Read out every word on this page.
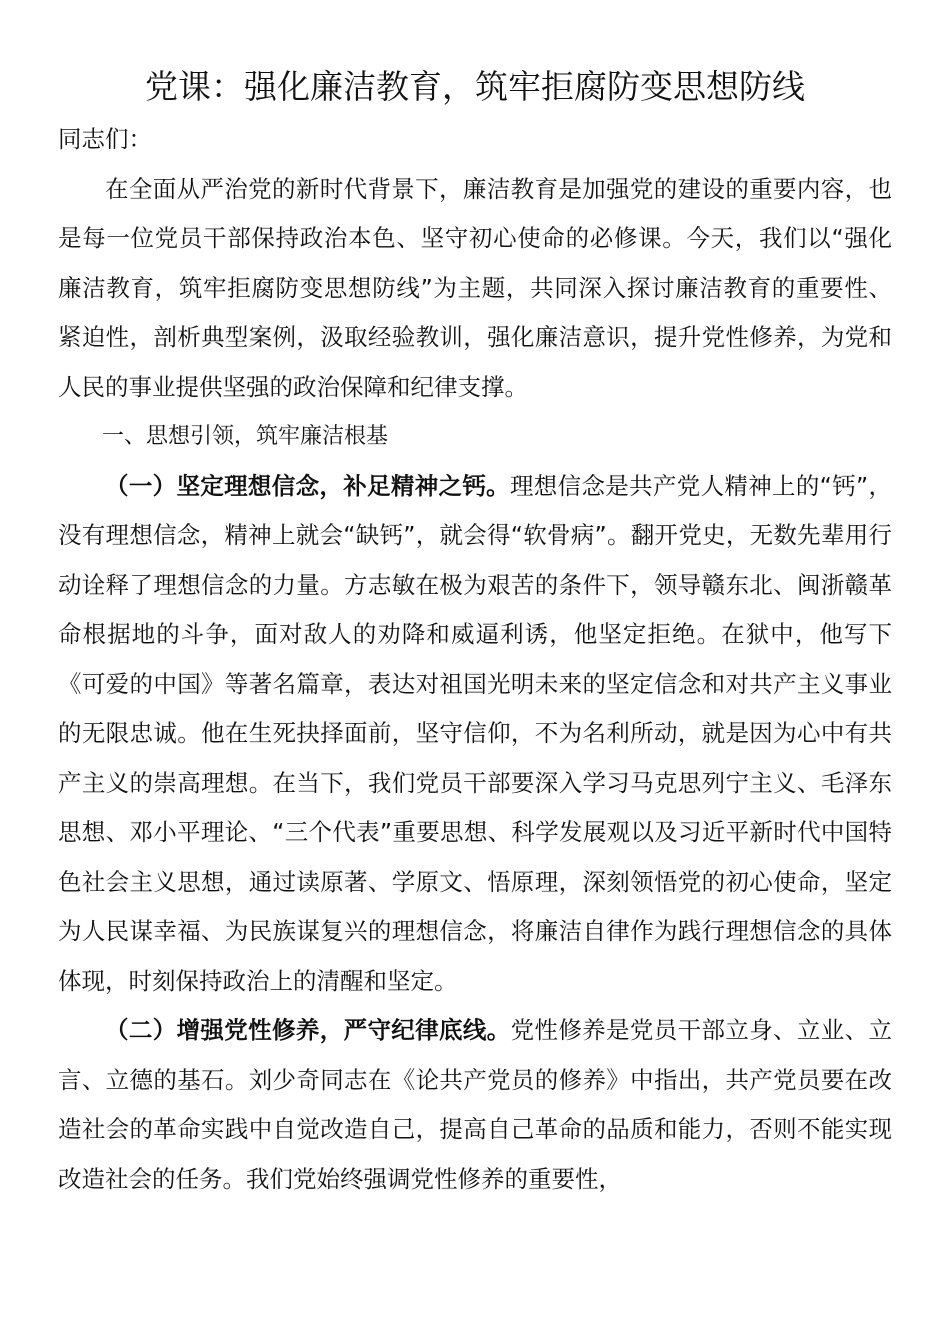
党课：强化廉洁教育，筑牢拒腐防变思想防线

同志们：

在全面从严治党的新时代背景下，廉洁教育是加强党的建设的重要内容，也是每一位党员干部保持政治本色、坚守初心使命的必修课。今天，我们以“强化廉洁教育，筑牢拒腐防变思想防线”为主题，共同深入探讨廉洁教育的重要性、紧迫性，剖析典型案例，汲取经验教训，强化廉洁意识，提升党性修养，为党和人民的事业提供坚强的政治保障和纪律支撑。

一、思想引领，筑牢廉洁根基

（一）坚定理想信念，补足精神之钙。理想信念是共产党人精神上的“钙”，没有理想信念，精神上就会“缺钙”，就会得“软骨病”。翻开党史，无数先辈用行动诠释了理想信念的力量。方志敏在极为艰苦的条件下，领导赣东北、闽浙赣革命根据地的斗争，面对敌人的劝降和威逼利诱，他坚定拒绝。在狱中，他写下《可爱的中国》等著名篇章，表达对祖国光明未来的坚定信念和对共产主义事业的无限忠诚。他在生死抉择面前，坚守信仰，不为名利所动，就是因为心中有共产主义的崇高理想。在当下，我们党员干部要深入学习马克思列宁主义、毛泽东思想、邓小平理论、“三个代表”重要思想、科学发展观以及习近平新时代中国特色社会主义思想，通过读原著、学原文、悟原理，深刻领悟党的初心使命，坚定为人民谋幸福、为民族谋复兴的理想信念，将廉洁自律作为践行理想信念的具体体现，时刻保持政治上的清醒和坚定。

（二）增强党性修养，严守纪律底线。党性修养是党员干部立身、立业、立言、立德的基石。刘少奇同志在《论共产党员的修养》中指出，共产党员要在改造社会的革命实践中自觉改造自己，提高自己革命的品质和能力，否则不能实现改造社会的任务。我们党始终强调党性修养的重要性，
